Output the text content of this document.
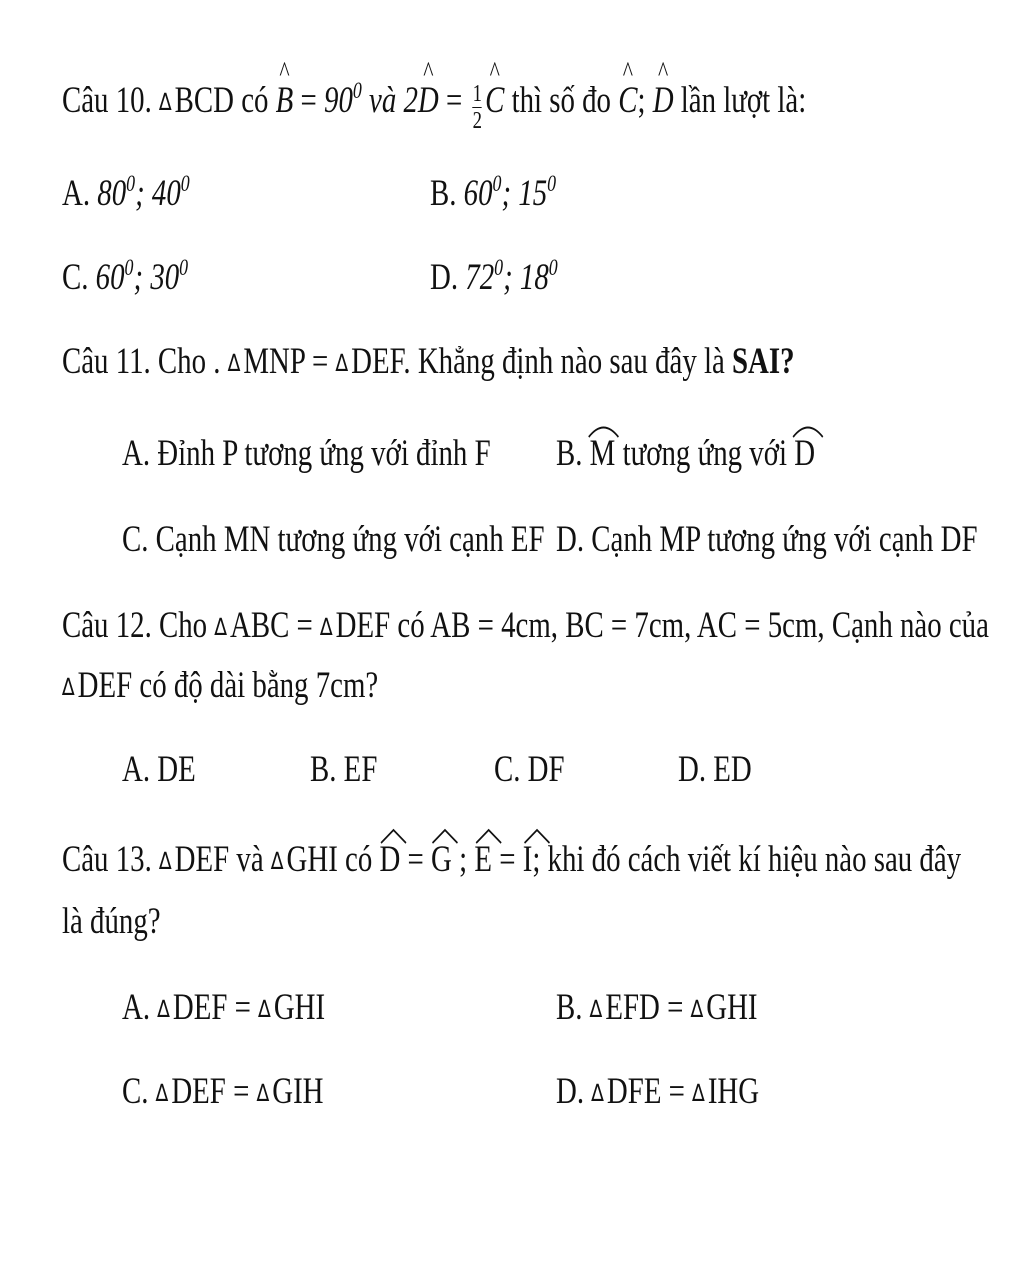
Câu 10. ∆BCD có
^
$B = 90^0$ và 2
^
$D = \frac{1}{2}$
^
C thì số đo
^
C;
^
D lần lượt là:
A. $80^0$; $40^0$	B. $60^0$; $15^0$
C. $60^0$; $30^0$	D. $72^0$; $18^0$
Câu 11. Cho . ∆MNP = ∆DEF. Khẳng định nào sau đây là SAI?
A. Đỉnh P tương ứng với đỉnh F B. M tương ứng với D
C. Cạnh MN tương ứng với cạnh EF D. Cạnh MP tương ứng với cạnh DF
Câu 12. Cho ∆ABC = ∆DEF có AB = 4cm, BC = 7cm, AC = 5cm, Cạnh nào của
∆DEF có độ dài bằng 7cm?
A. DE	B. EF	C. DF	D. ED
Câu 13. ∆DEF và ∆GHI có D = G ; E = I; khi đó cách viết kí hiệu nào sau đây
là đúng?
A. ∆DEF = ∆GHI	B. ∆EFD = ∆GHI
C. ∆DEF = ∆GIH	D. ∆DFE = ∆IHG
